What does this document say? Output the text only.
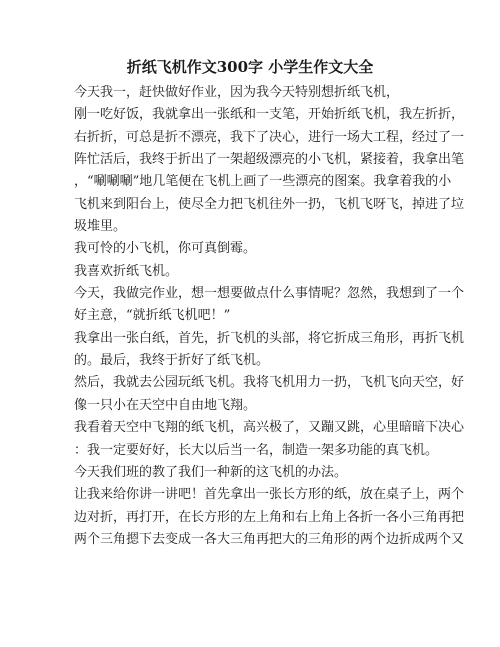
折纸飞机作文300字 小学生作文大全
今天我一，赶快做好作业，因为我今天特别想折纸飞机，
刚一吃好饭，我就拿出一张纸和一支笔，开始折纸飞机，我左折折，
右折折，可总是折不漂亮，我下了决心，进行一场大工程，经过了一
阵忙活后，我终于折出了一架超级漂亮的小飞机，紧接着，我拿出笔
，“唰唰唰”地几笔便在飞机上画了一些漂亮的图案。我拿着我的小
飞机来到阳台上，使尽全力把飞机往外一扔，飞机飞呀飞，掉进了垃
圾堆里。
我可怜的小飞机，你可真倒霉。
我喜欢折纸飞机。
今天，我做完作业，想一想要做点什么事情呢？忽然，我想到了一个
好主意，“就折纸飞机吧！”
我拿出一张白纸，首先，折飞机的头部，将它折成三角形，再折飞机
的。最后，我终于折好了纸飞机。
然后，我就去公园玩纸飞机。我将飞机用力一扔，飞机飞向天空，好
像一只小在天空中自由地飞翔。
我看着天空中飞翔的纸飞机，高兴极了，又蹦又跳，心里暗暗下决心
：我一定要好好，长大以后当一名，制造一架多功能的真飞机。
今天我们班的教了我们一种新的这飞机的办法。
让我来给你讲一讲吧！首先拿出一张长方形的纸，放在桌子上，两个
边对折，再打开，在长方形的左上角和右上角上各折一各小三角再把
两个三角摁下去变成一各大三角再把大的三角形的两个边折成两个又
